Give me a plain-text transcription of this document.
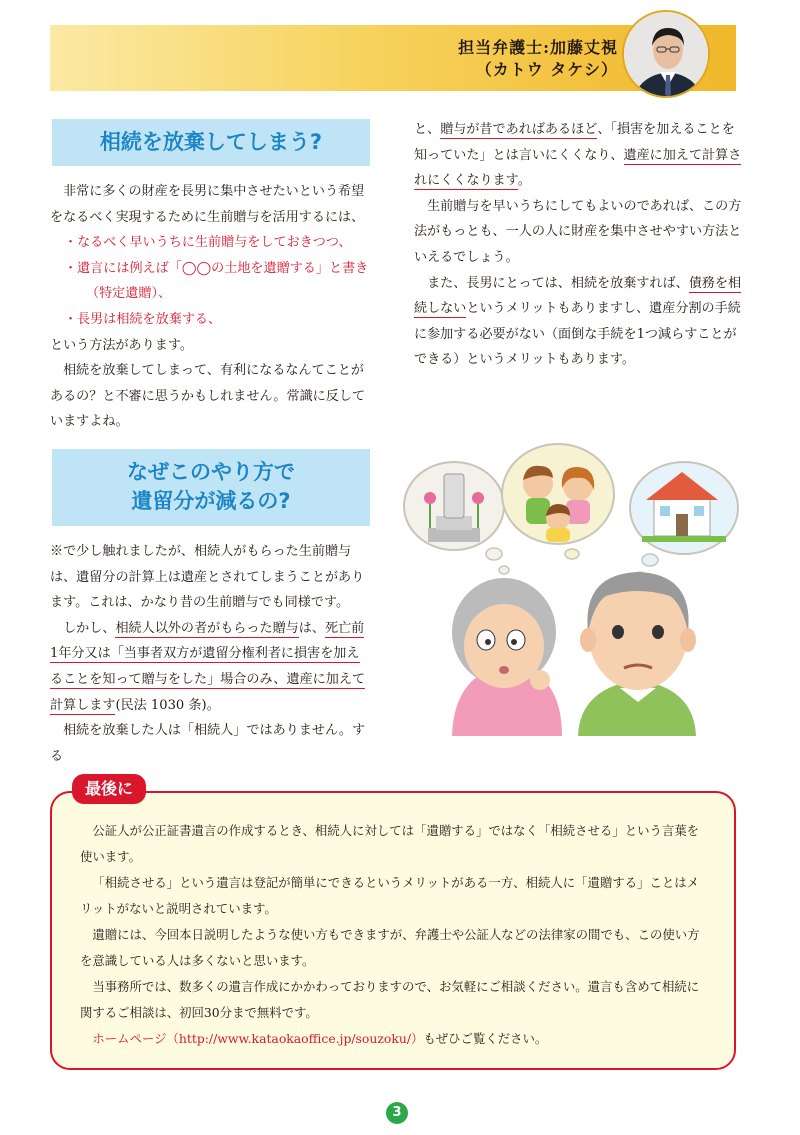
担当弁護士:加藤丈視
（カトウ タケシ）
相続を放棄してしまう?

非常に多くの財産を長男に集中させたいという希望をなるべく実現するために生前贈与を活用するには、

・なるべく早いうちに生前贈与をしておきつつ、
・遺言には例えば「◯◯の土地を遺贈する」と書き
（特定遺贈）、
・長男は相続を放棄する、

という方法があります。

相続を放棄してしまって、有利になるなんてことがあるの？と不審に思うかもしれません。常識に反していますよね。

なぜこのやり方で
遺留分が減るの?

※で少し触れましたが、相続人がもらった生前贈与は、遺留分の計算上は遺産とされてしまうことがあります。これは、かなり昔の生前贈与でも同様です。

しかし、相続人以外の者がもらった贈与は、死亡前1年分又は「当事者双方が遺留分権利者に損害を加えることを知って贈与をした」場合のみ、遺産に加えて計算します(民法 1030 条)。

相続を放棄した人は「相続人」ではありません。する

と、贈与が昔であればあるほど、「損害を加えることを知っていた」とは言いにくくなり、遺産に加えて計算されにくくなります。

生前贈与を早いうちにしてもよいのであれば、この方法がもっとも、一人の人に財産を集中させやすい方法といえるでしょう。

また、長男にとっては、相続を放棄すれば、債務を相続しないというメリットもありますし、遺産分割の手続に参加する必要がない（面倒な手続を1つ減らすことができる）というメリットもあります。

最後に

公証人が公正証書遺言の作成するとき、相続人に対しては「遺贈する」ではなく「相続させる」という言葉を使います。

「相続させる」という遺言は登記が簡単にできるというメリットがある一方、相続人に「遺贈する」ことはメリットがないと説明されています。

遺贈には、今回本日説明したような使い方もできますが、弁護士や公証人などの法律家の間でも、この使い方を意識している人は多くないと思います。

当事務所では、数多くの遺言作成にかかわっておりますので、お気軽にご相談ください。遺言も含めて相続に関するご相談は、初回30分まで無料です。

ホームページ（http://www.kataokaoffice.jp/souzoku/）もぜひご覧ください。

3
